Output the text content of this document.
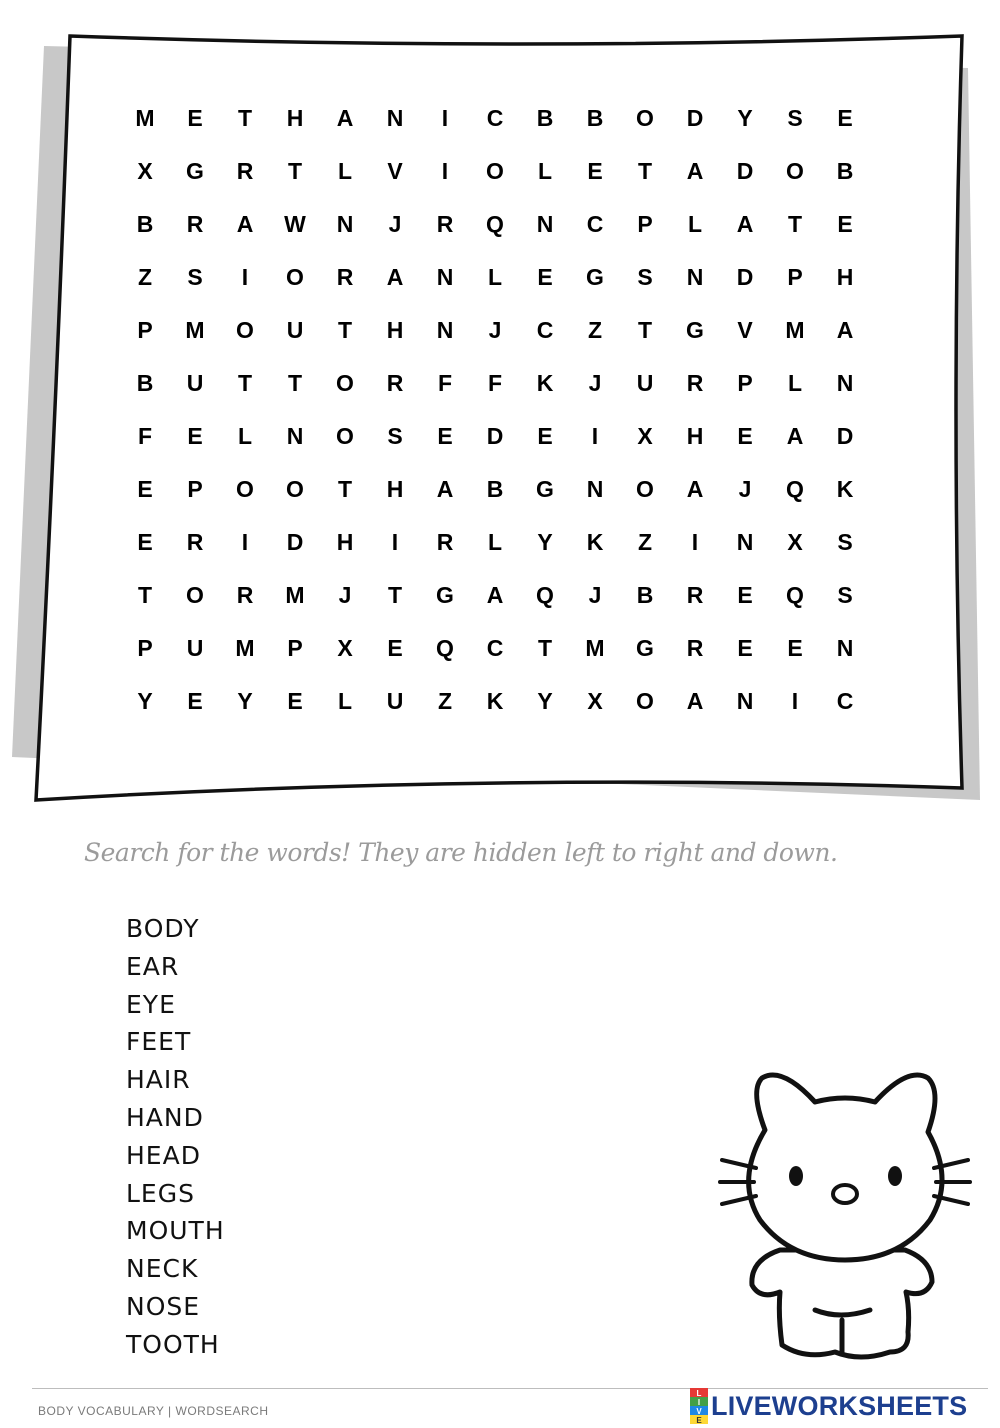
M	E	T	H	A	N	I	C	B	B	O	D	Y	S	E
X	G	R	T	L	V	I	O	L	E	T	A	D	O	B
B	R	A	W	N	J	R	Q	N	C	P	L	A	T	E
Z	S	I	O	R	A	N	L	E	G	S	N	D	P	H
P	M	O	U	T	H	N	J	C	Z	T	G	V	M	A
B	U	T	T	O	R	F	F	K	J	U	R	P	L	N
F	E	L	N	O	S	E	D	E	I	X	H	E	A	D
E	P	O	O	T	H	A	B	G	N	O	A	J	Q	K
E	R	I	D	H	I	R	L	Y	K	Z	I	N	X	S
T	O	R	M	J	T	G	A	Q	J	B	R	E	Q	S
P	U	M	P	X	E	Q	C	T	M	G	R	E	E	N
Y	E	Y	E	L	U	Z	K	Y	X	O	A	N	I	C
Search for the words! They are hidden left to right and down.
BODY
EAR
EYE
FEET
HAIR
HAND
HEAD
LEGS
MOUTH
NECK
NOSE
TOOTH
BODY VOCABULARY | WORDSEARCH
L
I
V
E LIVEWORKSHEETS
